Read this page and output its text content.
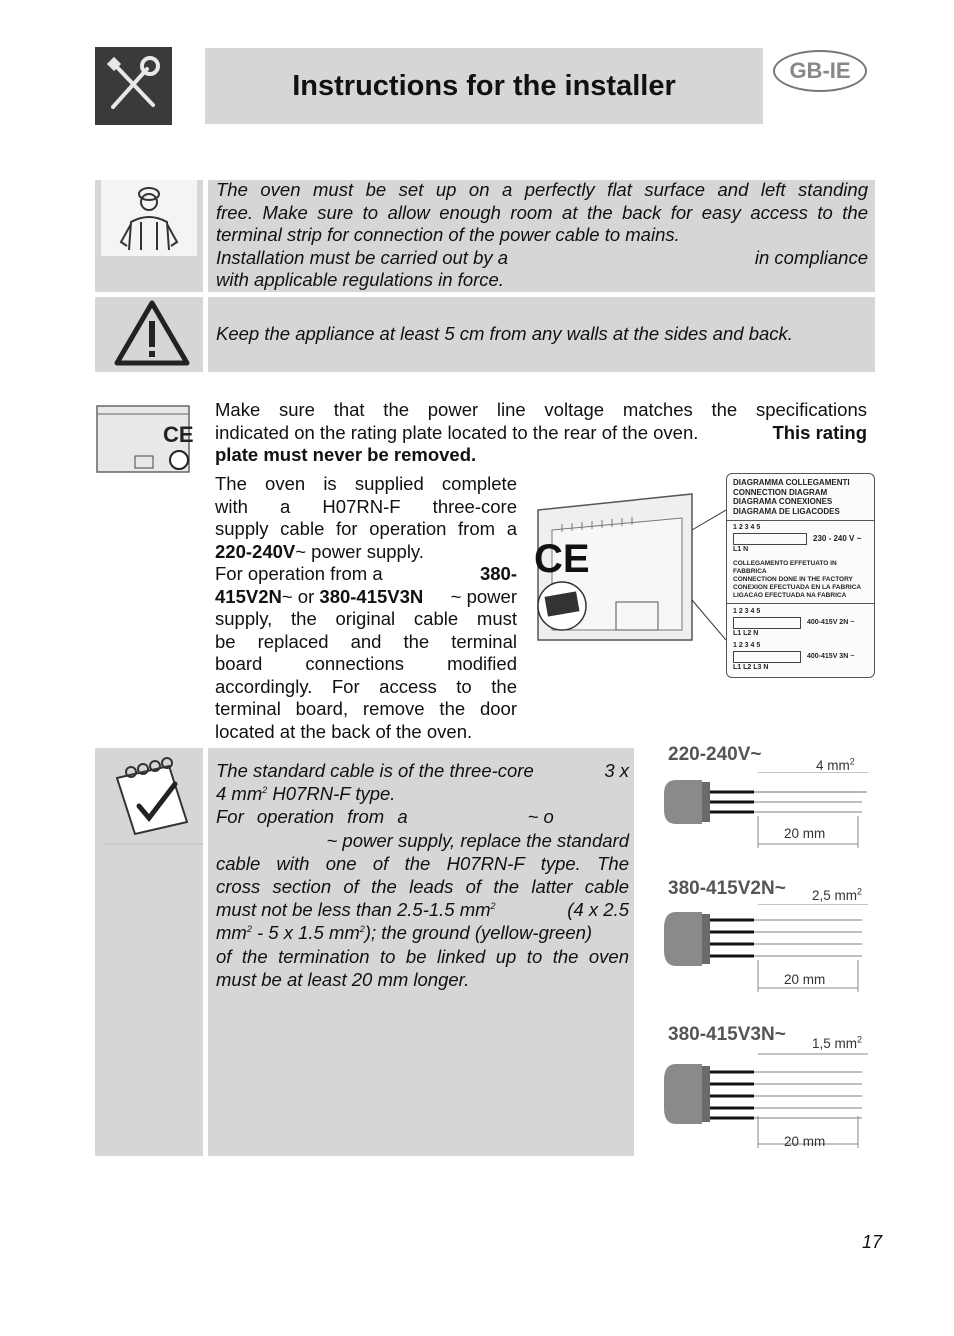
Instructions for the installer	GB-IE
The oven must be set up on a perfectly flat surface and left standing
free. Make sure to allow enough room at the back for easy access to the
terminal strip for connection of the power cable to mains.
Installation must be carried out by a	in compliance
with applicable regulations in force.
Keep the appliance at least 5 cm from any walls at the sides and back.
CE
Make sure that the power line voltage matches the specifications
indicated on the rating plate located to the rear of the oven.	This rating
plate must never be removed.
The oven is supplied complete
with a H07RN-F three-core
supply cable for operation from a
220-240V~ power supply.
For operation from a	380-
415V2N~ or 380-415V3N ~ power
supply, the original cable must
be replaced and the terminal
board connections modified
accordingly. For access to the
terminal board, remove the door
located at the back of the oven.
CE
DIAGRAMMA COLLEGAMENTI
CONNECTION DIAGRAM
DIAGRAMA CONEXIONES
DIAGRAMA DE LIGACODES
1 2 3 4 5
230 - 240 V ~
L1 N
COLLEGAMENTO EFFETUATO IN FABBRICA
CONNECTION DONE IN THE FACTORY
CONEXION EFECTUADA EN LA FABRICA
LIGACAO EFECTUADA NA FABRICA
1 2 3 4 5
400-415V 2N ~
L1 L2 N
1 2 3 4 5
400-415V 3N ~
L1 L2 L3 N
The standard cable is of the three-core	3 x
4 $mm^2$ H07RN-F type.
For operation from a	~ o
~ power supply, replace the standard
cable with one of the H07RN-F type. The
cross section of the leads of the latter cable
must not be less than 2.5-1.5 $mm^2$	(4 x 2.5
$mm^2 - 5$ x 1.5 $mm^2$); the ground (yellow-green)
of the termination to be linked up to the oven
must be at least 20 mm longer.
220-240V~
4 $mm^2$
20 mm
380-415V2N~ 2,5 $mm^2$
20 mm
380-415V3N~ 1,5 $mm^2$
20 mm
17
